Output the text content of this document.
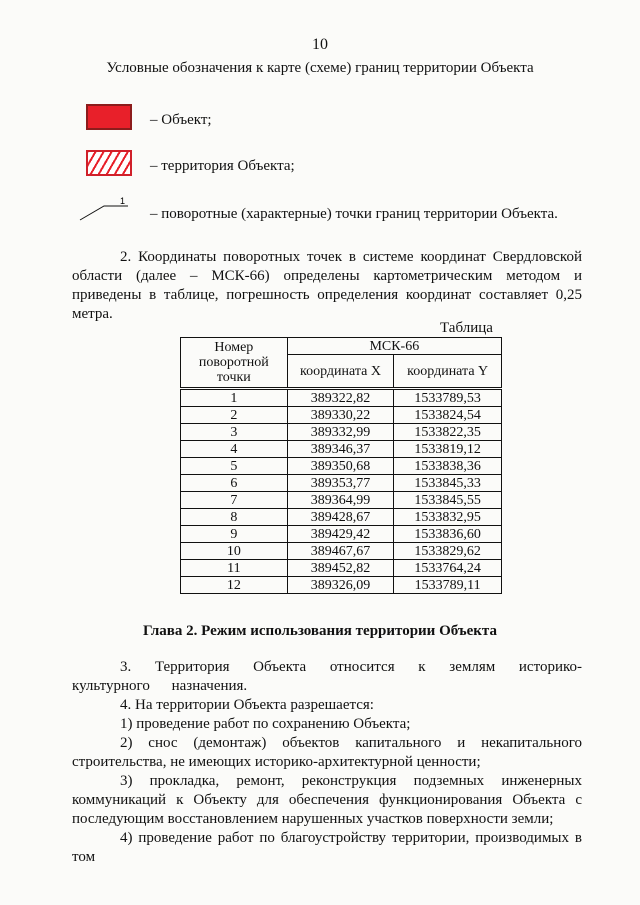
10
Условные обозначения к карте (схеме) границ территории Объекта
– Объект;
– территория Объекта;
1
– поворотные (характерные) точки границ территории Объекта.
2. Координаты поворотных точек в системе координат Свердловской области (далее – МСК-66) определены картометрическим методом и приведены в таблице, погрешность определения координат составляет 0,25 метра.
Таблица
Номер поворотной точки	МСК-66	
	координата X	координата Y
1	389322,82	1533789,53
2	389330,22	1533824,54
3	389332,99	1533822,35
4	389346,37	1533819,12
5	389350,68	1533838,36
6	389353,77	1533845,33
7	389364,99	1533845,55
8	389428,67	1533832,95
9	389429,42	1533836,60
10	389467,67	1533829,62
11	389452,82	1533764,24
12	389326,09	1533789,11
Глава 2. Режим использования территории Объекта
3. Территория Объекта относится к землям историко-культурного назначения.
4. На территории Объекта разрешается:
1) проведение работ по сохранению Объекта;
2) снос (демонтаж) объектов капитального и некапитального строительства, не имеющих историко-архитектурной ценности;
3) прокладка, ремонт, реконструкция подземных инженерных коммуникаций к Объекту для обеспечения функционирования Объекта с последующим восстановлением нарушенных участков поверхности земли;
4) проведение работ по благоустройству территории, производимых в том
